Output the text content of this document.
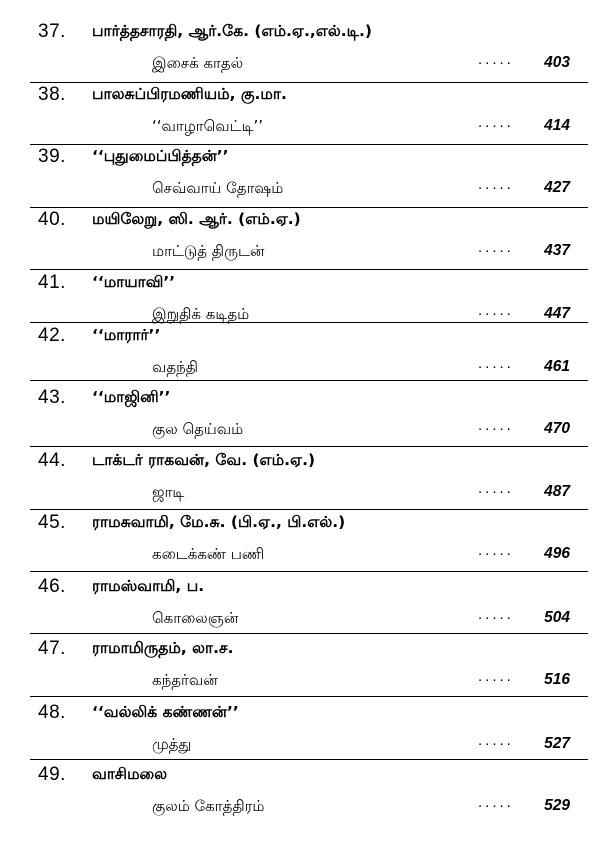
37. பார்த்தசாரதி, ஆர்.கே. (எம்.ஏ.,எல்.டி.)
இசைக் காதல்	..... 403
38. பாலசுப்பிரமணியம், கு.மா.
‘‘வாழாவெட்டி’’	..... 414
39. ‘‘புதுமைப்பித்தன்’’
செவ்வாய் தோஷம்	..... 427
40. மயிலேறு, ஸி. ஆர். (எம்.ஏ.)
மாட்டுத் திருடன்	..... 437
41. ‘‘மாயாவி’’
இறுதிக் கடிதம்	..... 447
42. ‘‘மாரார்’’
வதந்தி	..... 461
43. ‘‘மாஜினி’’
குல தெய்வம்	..... 470
44. டாக்டர் ராகவன், வே. (எம்.ஏ.)
ஜாடி	..... 487
45. ராமசுவாமி, மே.சு. (பி.ஏ., பி.எல்.)
கடைக்கண் பணி	..... 496
46. ராமஸ்வாமி, ப.
கொலைஞன்	..... 504
47. ராமாமிருதம், லா.ச.
கந்தர்வன்	..... 516
48. ‘‘வல்லிக் கண்ணன்’’
முத்து	..... 527
49. வாசிமலை
குலம் கோத்திரம்	..... 529
